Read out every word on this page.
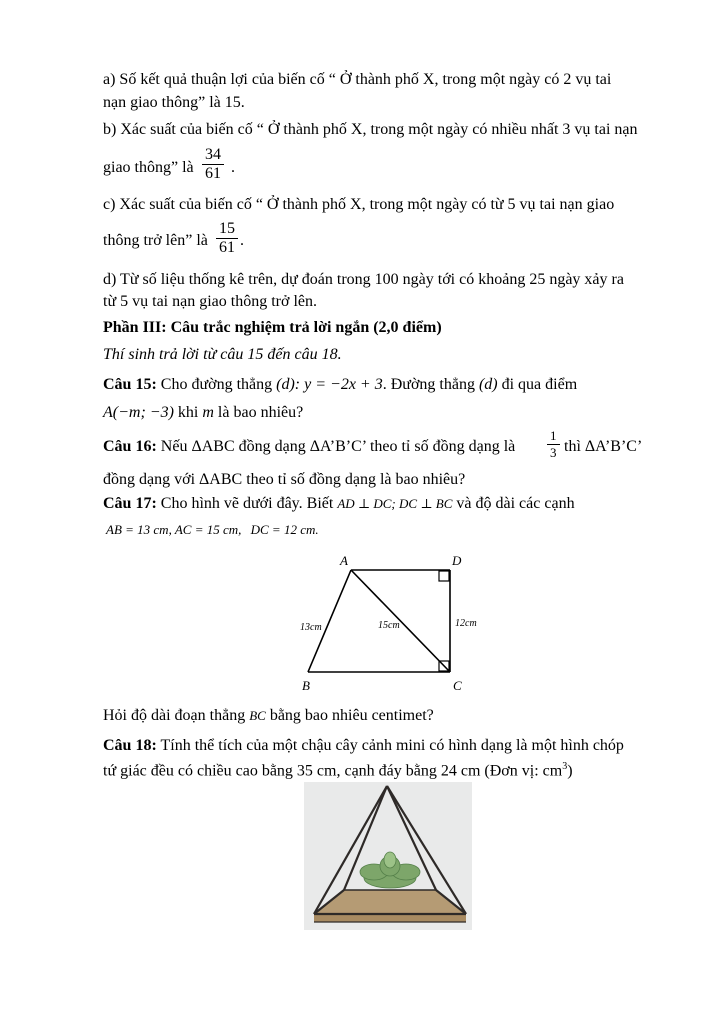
a) Số kết quả thuận lợi của biến cố “ Ở thành phố X, trong một ngày có 2 vụ tai
nạn giao thông” là 15.
b) Xác suất của biến cố “ Ở thành phố X, trong một ngày có nhiều nhất 3 vụ tai nạn
giao thông” là $\frac{34}{61}$ .
c) Xác suất của biến cố “ Ở thành phố X, trong một ngày có từ 5 vụ tai nạn giao
thông trở lên” là $\frac{15}{61}$ .
d) Từ số liệu thống kê trên, dự đoán trong 100 ngày tới có khoảng 25 ngày xảy ra
từ 5 vụ tai nạn giao thông trở lên.
Phần III: Câu trắc nghiệm trả lời ngắn (2,0 điểm)
Thí sinh trả lời từ câu 15 đến câu 18.
Câu 15: Cho đường thẳng (d): y = −2x + 3. Đường thẳng (d) đi qua điểm
A(−m; −3) khi m là bao nhiêu?
Câu 16: Nếu ΔABC đồng dạng ΔA’B’C’ theo tỉ số đồng dạng là $\frac{1}{3}$ thì ΔA’B’C’
đồng dạng với ΔABC theo tỉ số đồng dạng là bao nhiêu?
Câu 17: Cho hình vẽ dưới đây. Biết AD ⊥ DC; DC ⊥ BC và độ dài các cạnh
AB = 13 cm, AC = 15 cm, DC = 12 cm.
A	D
B	C
13cm	15cm	12cm
Hỏi độ dài đoạn thẳng BC bằng bao nhiêu centimet?
Câu 18: Tính thể tích của một chậu cây cảnh mini có hình dạng là một hình chóp
tứ giác đều có chiều cao bằng 35 cm, cạnh đáy bằng 24 cm (Đơn vị: $cm^3$)
